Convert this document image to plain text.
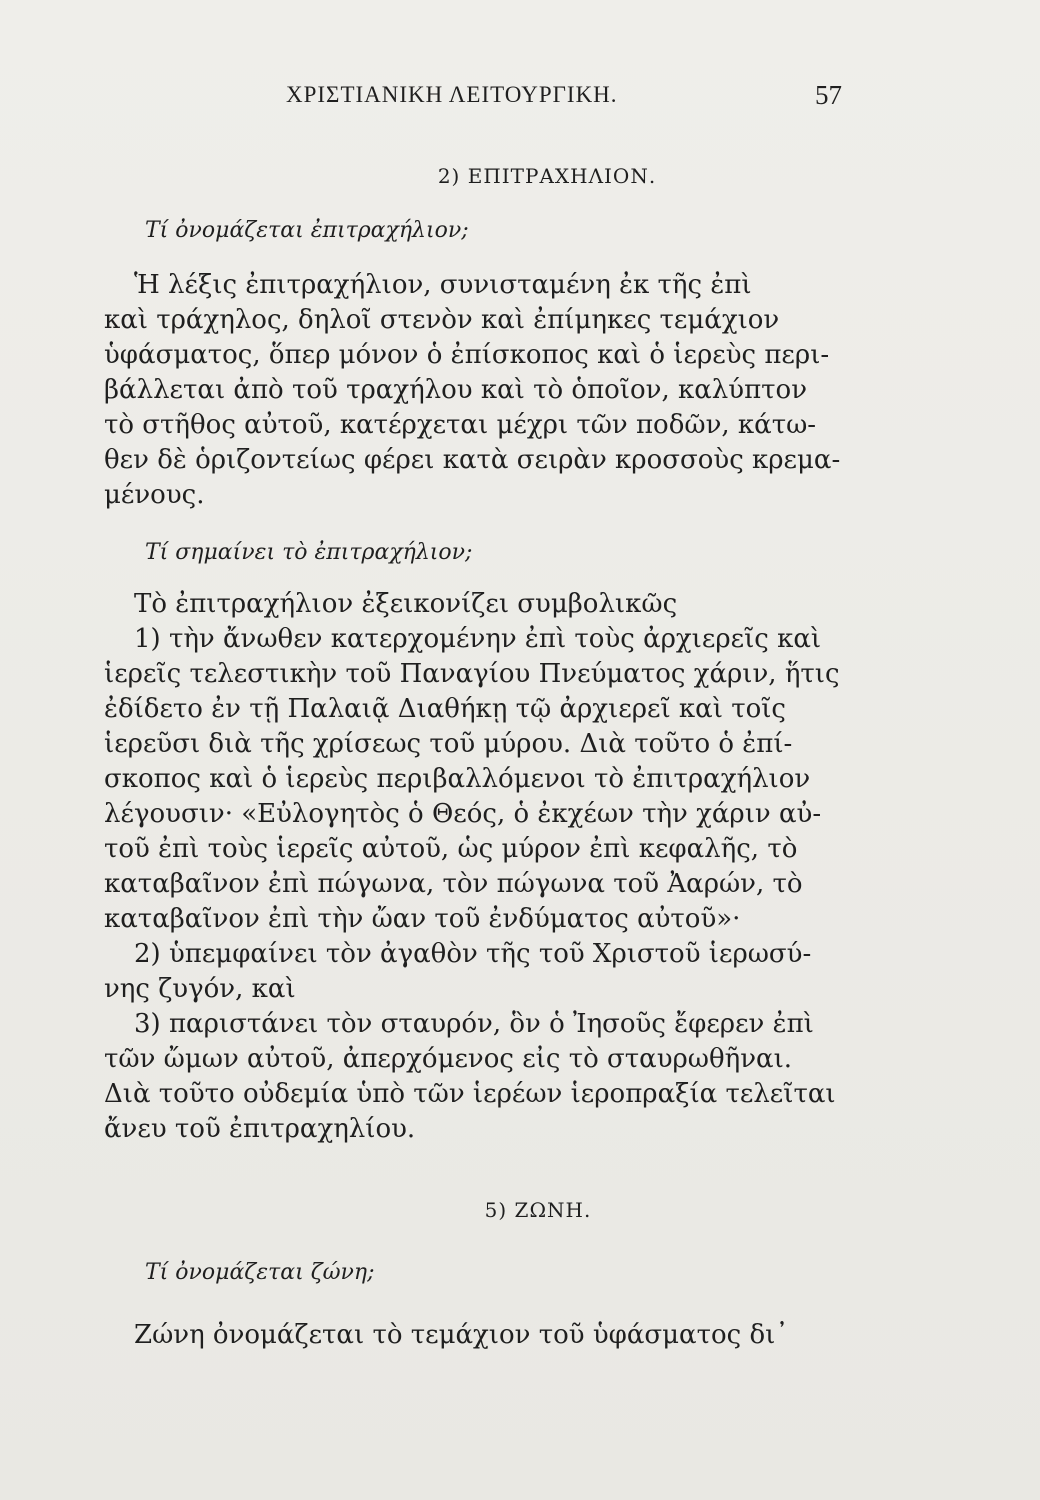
ΧΡΙΣΤΙΑΝΙΚΗ ΛΕΙΤΟΥΡΓΙΚΗ.	57
2) ΕΠΙΤΡΑΧΗΛΙΟΝ.
Τί ὀνομάζεται ἐπιτραχήλιον;
Ἡ λέξις ἐπιτραχήλιον, συνισταμένη ἐκ τῆς ἐπὶ
καὶ τράχηλος, δηλοῖ στενὸν καὶ ἐπίμηκες τεμάχιον
ὑφάσματος, ὅπερ μόνον ὁ ἐπίσκοπος καὶ ὁ ἱερεὺς περι-
βάλλεται ἀπὸ τοῦ τραχήλου καὶ τὸ ὁποῖον, καλύπτον
τὸ στῆθος αὐτοῦ, κατέρχεται μέχρι τῶν ποδῶν, κάτω-
θεν δὲ ὁριζοντείως φέρει κατὰ σειρὰν κροσσοὺς κρεμα-
μένους.
Τί σημαίνει τὸ ἐπιτραχήλιον;
Τὸ ἐπιτραχήλιον ἐξεικονίζει συμβολικῶς
1) τὴν ἄνωθεν κατερχομένην ἐπὶ τοὺς ἀρχιερεῖς καὶ
ἱερεῖς τελεστικὴν τοῦ Παναγίου Πνεύματος χάριν, ἥτις
ἐδίδετο ἐν τῇ Παλαιᾷ Διαθήκῃ τῷ ἀρχιερεῖ καὶ τοῖς
ἱερεῦσι διὰ τῆς χρίσεως τοῦ μύρου. Διὰ τοῦτο ὁ ἐπί-
σκοπος καὶ ὁ ἱερεὺς περιβαλλόμενοι τὸ ἐπιτραχήλιον
λέγουσιν· «Εὐλογητὸς ὁ Θεός, ὁ ἐκχέων τὴν χάριν αὐ-
τοῦ ἐπὶ τοὺς ἱερεῖς αὐτοῦ, ὡς μύρον ἐπὶ κεφαλῆς, τὸ
καταβαῖνον ἐπὶ πώγωνα, τὸν πώγωνα τοῦ Ἀαρών, τὸ
καταβαῖνον ἐπὶ τὴν ὤαν τοῦ ἐνδύματος αὐτοῦ»·
2) ὑπεμφαίνει τὸν ἀγαθὸν τῆς τοῦ Χριστοῦ ἱερωσύ-
νης ζυγόν, καὶ
3) παριστάνει τὸν σταυρόν, ὃν ὁ Ἰησοῦς ἔφερεν ἐπὶ
τῶν ὤμων αὐτοῦ, ἀπερχόμενος εἰς τὸ σταυρωθῆναι.
Διὰ τοῦτο οὐδεμία ὑπὸ τῶν ἱερέων ἱεροπραξία τελεῖται
ἄνευ τοῦ ἐπιτραχηλίου.
5) ΖΩΝΗ.
Τί ὀνομάζεται ζώνη;
Ζώνη ὀνομάζεται τὸ τεμάχιον τοῦ ὑφάσματος δι᾽
